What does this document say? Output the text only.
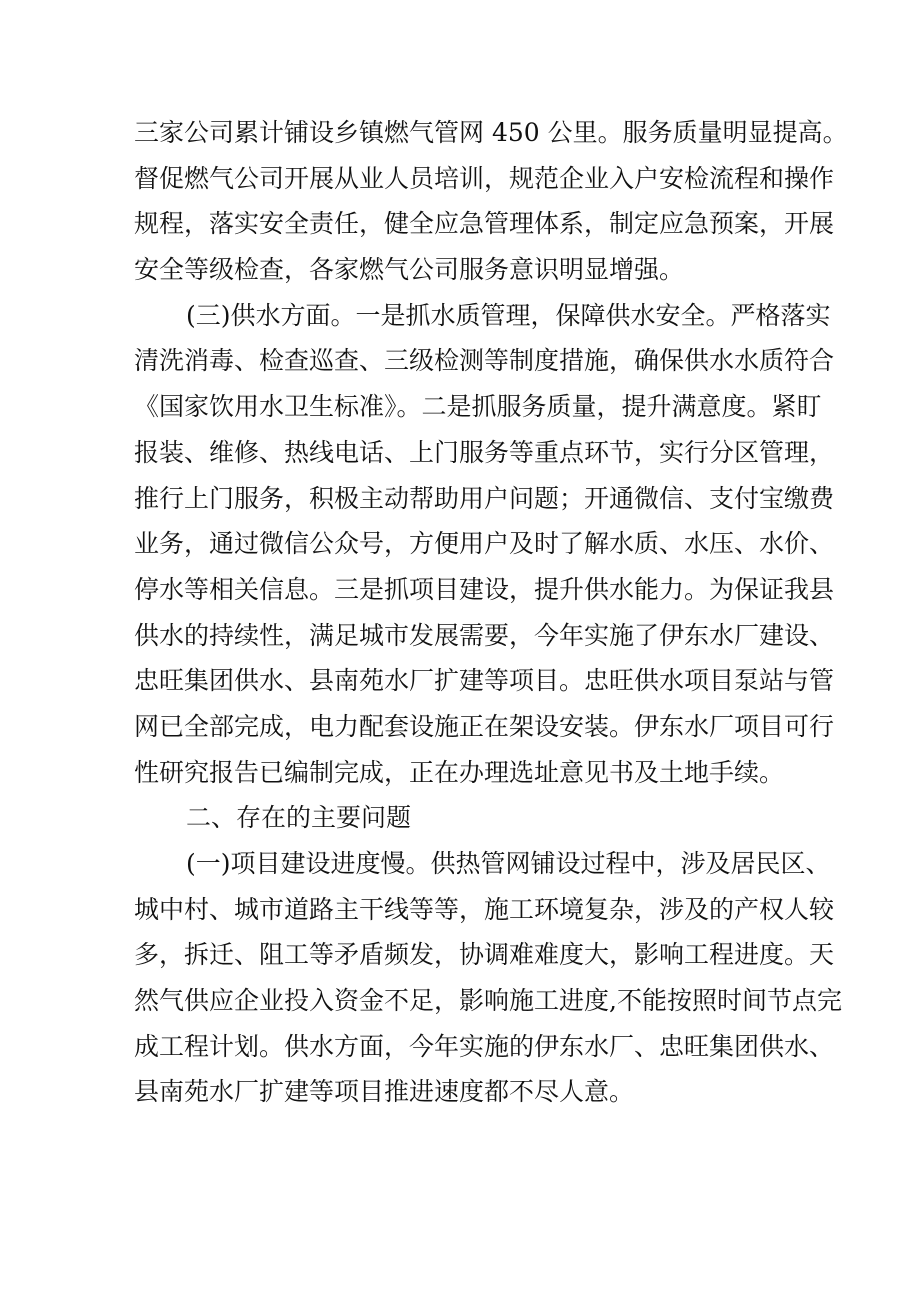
三家公司累计铺设乡镇燃气管网 450 公里。服务质量明显提高。
督促燃气公司开展从业人员培训，规范企业入户安检流程和操作
规程，落实安全责任，健全应急管理体系，制定应急预案，开展
安全等级检查，各家燃气公司服务意识明显增强。
(三)供水方面。一是抓水质管理，保障供水安全。严格落实
清洗消毒、检查巡查、三级检测等制度措施，确保供水水质符合
《国家饮用水卫生标准》。二是抓服务质量，提升满意度。紧盯
报装、维修、热线电话、上门服务等重点环节，实行分区管理，
推行上门服务，积极主动帮助用户问题；开通微信、支付宝缴费
业务，通过微信公众号，方便用户及时了解水质、水压、水价、
停水等相关信息。三是抓项目建设，提升供水能力。为保证我县
供水的持续性，满足城市发展需要，今年实施了伊东水厂建设、
忠旺集团供水、县南苑水厂扩建等项目。忠旺供水项目泵站与管
网已全部完成，电力配套设施正在架设安装。伊东水厂项目可行
性研究报告已编制完成，正在办理选址意见书及土地手续。
二、存在的主要问题
(一)项目建设进度慢。供热管网铺设过程中，涉及居民区、
城中村、城市道路主干线等等，施工环境复杂，涉及的产权人较
多，拆迁、阻工等矛盾频发，协调难难度大，影响工程进度。天
然气供应企业投入资金不足，影响施工进度,不能按照时间节点完
成工程计划。供水方面，今年实施的伊东水厂、忠旺集团供水、
县南苑水厂扩建等项目推进速度都不尽人意。
